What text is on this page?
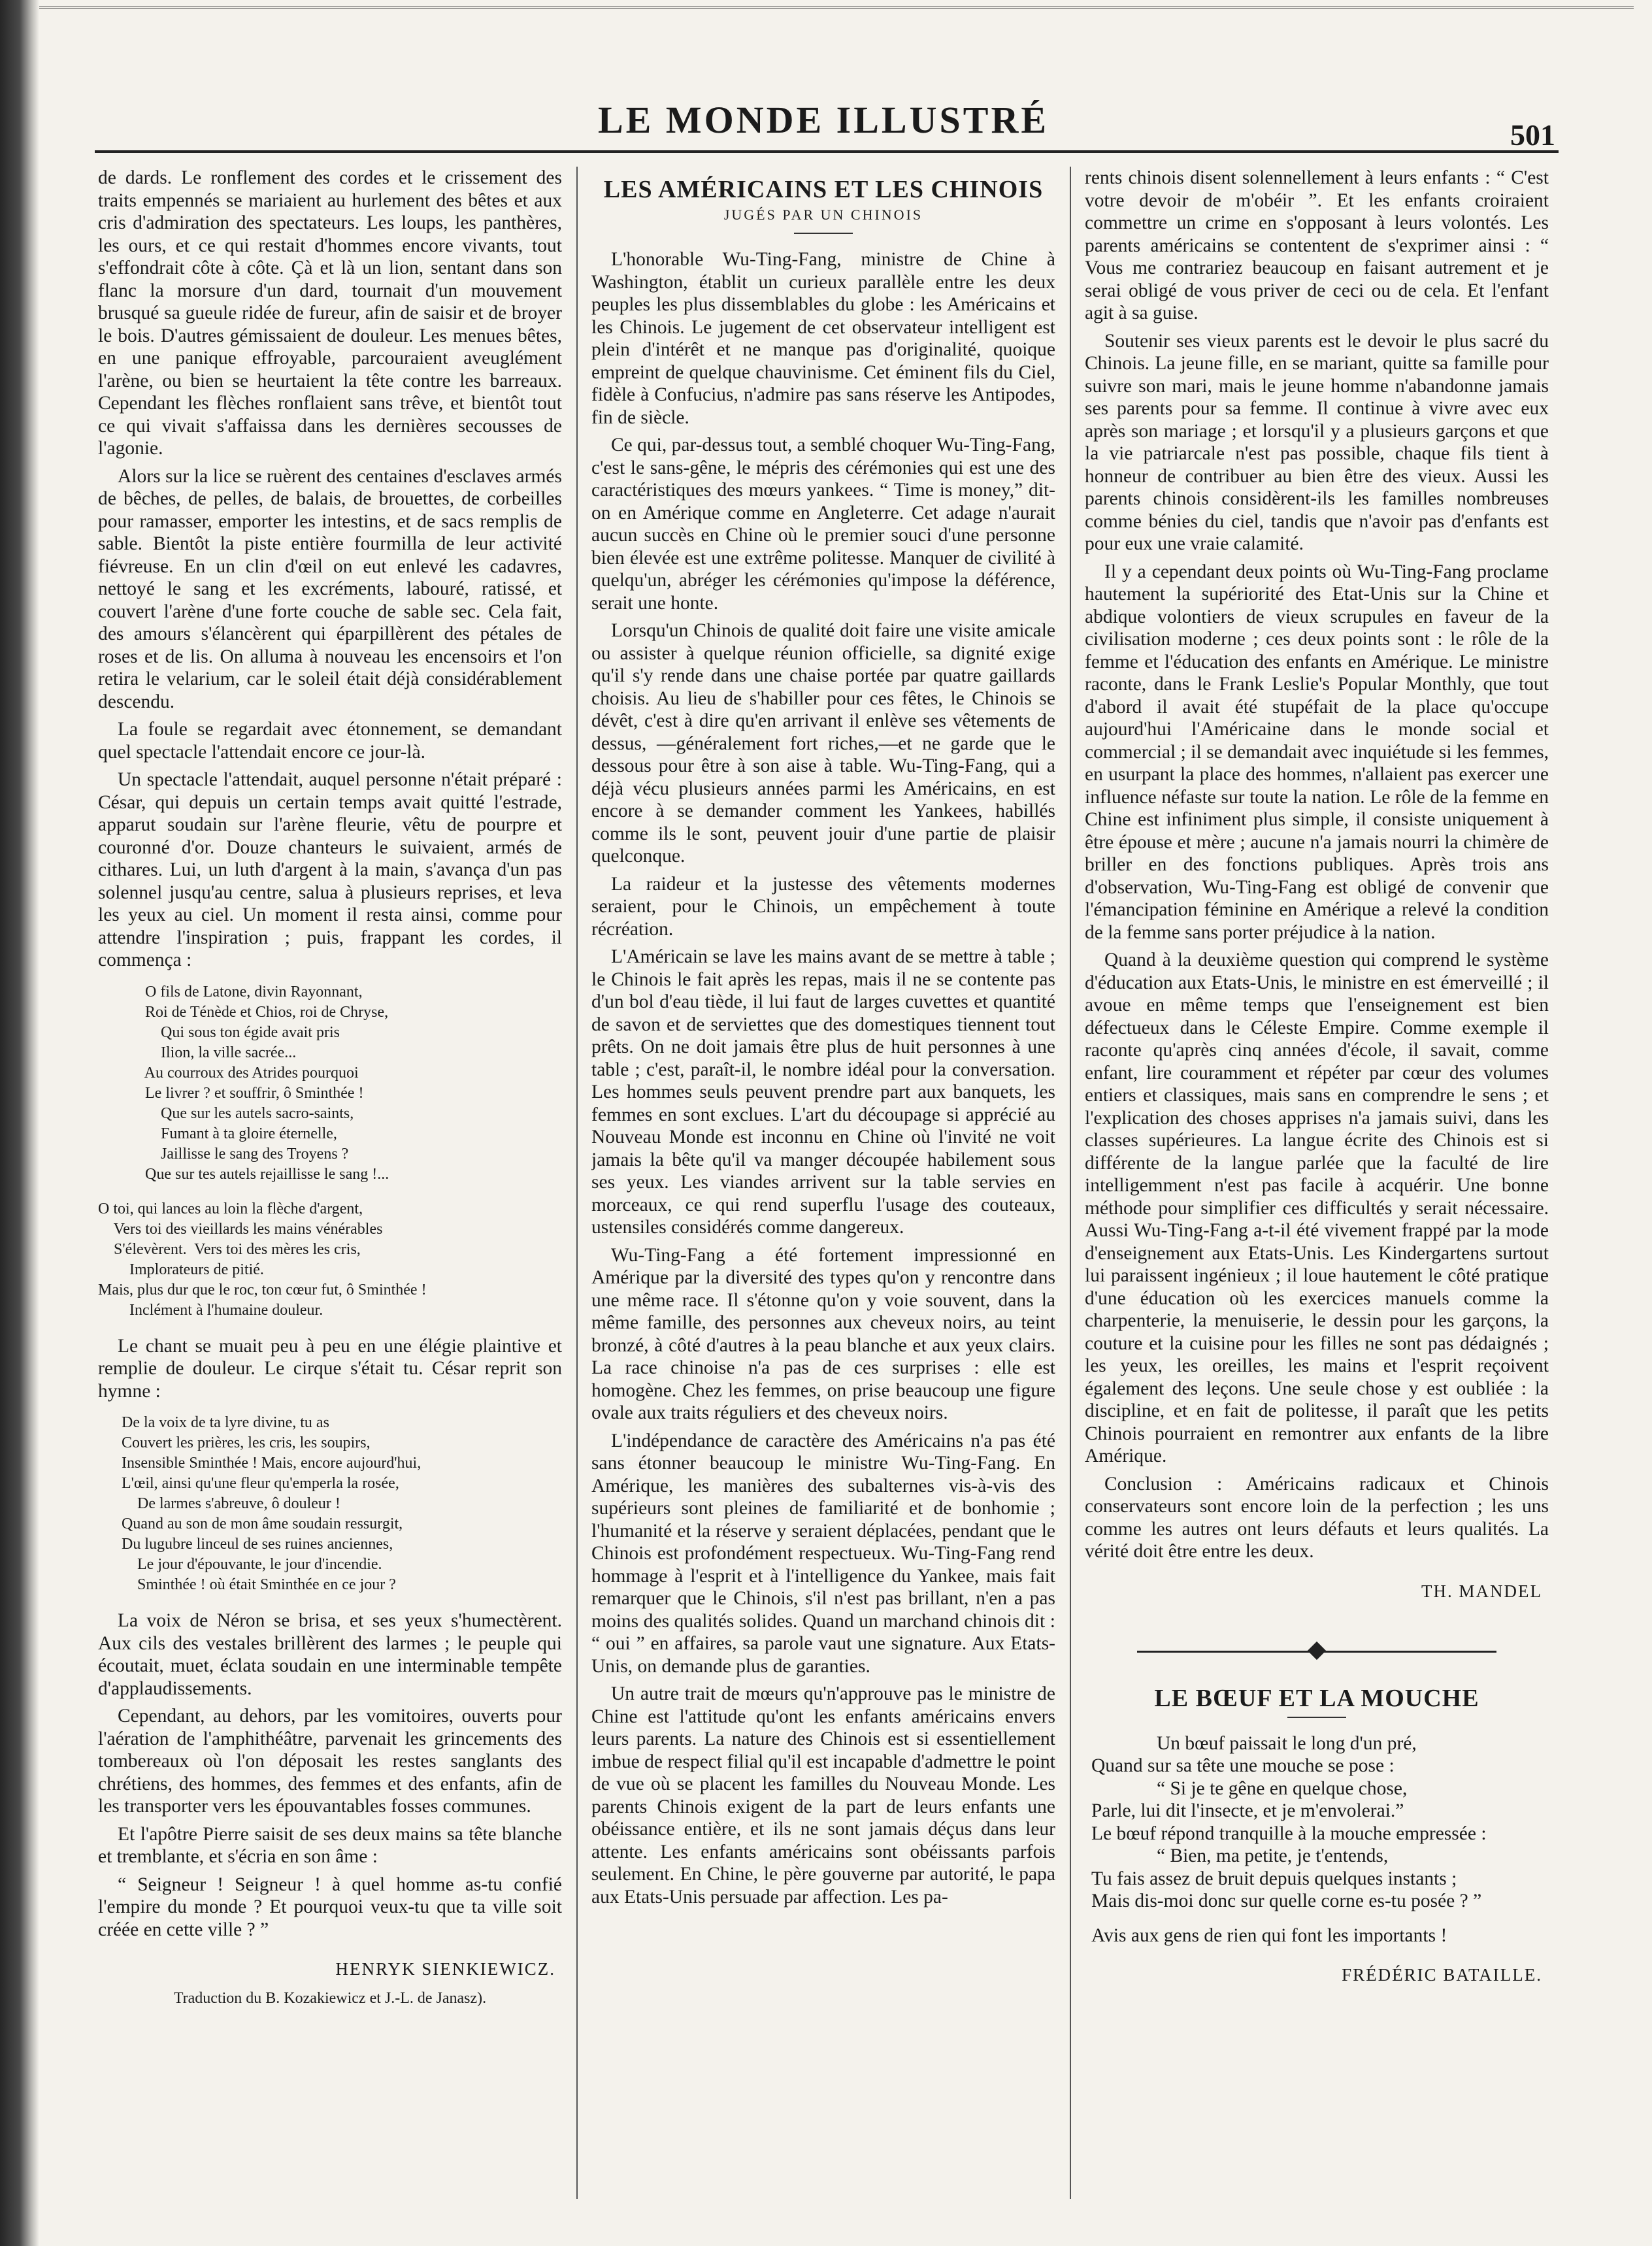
LE MONDE ILLUSTRÉ	501

de dards. Le ronflement des cordes et le crissement des traits empennés se mariaient au hurlement des bêtes et aux cris d'admiration des spectateurs. Les loups, les panthères, les ours, et ce qui restait d'hommes encore vivants, tout s'effondrait côte à côte. Çà et là un lion, sentant dans son flanc la morsure d'un dard, tournait d'un mouvement brusqué sa gueule ridée de fureur, afin de saisir et de broyer le bois. D'autres gémissaient de douleur. Les menues bêtes, en une panique effroyable, parcouraient aveuglément l'arène, ou bien se heurtaient la tête contre les barreaux. Cependant les flèches ronflaient sans trêve, et bientôt tout ce qui vivait s'affaissa dans les dernières secousses de l'agonie.

Alors sur la lice se ruèrent des centaines d'esclaves armés de bêches, de pelles, de balais, de brouettes, de corbeilles pour ramasser, emporter les intestins, et de sacs remplis de sable. Bientôt la piste entière fourmilla de leur activité fiévreuse. En un clin d'œil on eut enlevé les cadavres, nettoyé le sang et les excréments, labouré, ratissé, et couvert l'arène d'une forte couche de sable sec. Cela fait, des amours s'élancèrent qui éparpillèrent des pétales de roses et de lis. On alluma à nouveau les encensoirs et l'on retira le velarium, car le soleil était déjà considérablement descendu.

La foule se regardait avec étonnement, se demandant quel spectacle l'attendait encore ce jour-là.

Un spectacle l'attendait, auquel personne n'était préparé : César, qui depuis un certain temps avait quitté l'estrade, apparut soudain sur l'arène fleurie, vêtu de pourpre et couronné d'or. Douze chanteurs le suivaient, armés de cithares. Lui, un luth d'argent à la main, s'avança d'un pas solennel jusqu'au centre, salua à plusieurs reprises, et leva les yeux au ciel. Un moment il resta ainsi, comme pour attendre l'inspiration ; puis, frappant les cordes, il commença :

O fils de Latone, divin Rayonnant,
Roi de Ténède et Chios, roi de Chryse,
Qui sous ton égide avait pris
Ilion, la ville sacrée...
Au courroux des Atrides pourquoi
Le livrer ? et souffrir, ô Sminthée !
Que sur les autels sacro-saints,
Fumant à ta gloire éternelle,
Jaillisse le sang des Troyens ?
Que sur tes autels rejaillisse le sang !...
O toi, qui lances au loin la flèche d'argent,
Vers toi des vieillards les mains vénérables
S'élevèrent.  Vers toi des mères les cris,
Implorateurs de pitié.
Mais, plus dur que le roc, ton cœur fut, ô Sminthée !
Inclément à l'humaine douleur.

Le chant se muait peu à peu en une élégie plaintive et remplie de douleur. Le cirque s'était tu. César reprit son hymne :

De la voix de ta lyre divine, tu as
Couvert les prières, les cris, les soupirs,
Insensible Sminthée ! Mais, encore aujourd'hui,
L'œil, ainsi qu'une fleur qu'emperla la rosée,
De larmes s'abreuve, ô douleur !
Quand au son de mon âme soudain ressurgit,
Du lugubre linceul de ses ruines anciennes,
Le jour d'épouvante, le jour d'incendie.
Sminthée ! où était Sminthée en ce jour ?

La voix de Néron se brisa, et ses yeux s'humectèrent. Aux cils des vestales brillèrent des larmes ; le peuple qui écoutait, muet, éclata soudain en une interminable tempête d'applaudissements.

Cependant, au dehors, par les vomitoires, ouverts pour l'aération de l'amphithéâtre, parvenait les grincements des tombereaux où l'on déposait les restes sanglants des chrétiens, des hommes, des femmes et des enfants, afin de les transporter vers les épouvantables fosses communes.

Et l'apôtre Pierre saisit de ses deux mains sa tête blanche et tremblante, et s'écria en son âme :

“ Seigneur ! Seigneur ! à quel homme as-tu confié l'empire du monde ? Et pourquoi veux-tu que ta ville soit créée en cette ville ? ”

HENRYK SIENKIEWICZ.
Traduction du B. Kozakiewicz et J.-L. de Janasz).
LES AMÉRICAINS ET LES CHINOIS
JUGÉS PAR UN CHINOIS

L'honorable Wu-Ting-Fang, ministre de Chine à Washington, établit un curieux parallèle entre les deux peuples les plus dissemblables du globe : les Américains et les Chinois. Le jugement de cet observateur intelligent est plein d'intérêt et ne manque pas d'originalité, quoique empreint de quelque chauvinisme. Cet éminent fils du Ciel, fidèle à Confucius, n'admire pas sans réserve les Antipodes, fin de siècle.

Ce qui, par-dessus tout, a semblé choquer Wu-Ting-Fang, c'est le sans-gêne, le mépris des cérémonies qui est une des caractéristiques des mœurs yankees. “ Time is money,” dit-on en Amérique comme en Angleterre. Cet adage n'aurait aucun succès en Chine où le premier souci d'une personne bien élevée est une extrême politesse. Manquer de civilité à quelqu'un, abréger les cérémonies qu'impose la déférence, serait une honte.

Lorsqu'un Chinois de qualité doit faire une visite amicale ou assister à quelque réunion officielle, sa dignité exige qu'il s'y rende dans une chaise portée par quatre gaillards choisis. Au lieu de s'habiller pour ces fêtes, le Chinois se dévêt, c'est à dire qu'en arrivant il enlève ses vêtements de dessus, —généralement fort riches,—et ne garde que le dessous pour être à son aise à table. Wu-Ting-Fang, qui a déjà vécu plusieurs années parmi les Américains, en est encore à se demander comment les Yankees, habillés comme ils le sont, peuvent jouir d'une partie de plaisir quelconque.

La raideur et la justesse des vêtements modernes seraient, pour le Chinois, un empêchement à toute récréation.

L'Américain se lave les mains avant de se mettre à table ; le Chinois le fait après les repas, mais il ne se contente pas d'un bol d'eau tiède, il lui faut de larges cuvettes et quantité de savon et de serviettes que des domestiques tiennent tout prêts. On ne doit jamais être plus de huit personnes à une table ; c'est, paraît-il, le nombre idéal pour la conversation. Les hommes seuls peuvent prendre part aux banquets, les femmes en sont exclues. L'art du découpage si apprécié au Nouveau Monde est inconnu en Chine où l'invité ne voit jamais la bête qu'il va manger découpée habilement sous ses yeux. Les viandes arrivent sur la table servies en morceaux, ce qui rend superflu l'usage des couteaux, ustensiles considérés comme dangereux.

Wu-Ting-Fang a été fortement impressionné en Amérique par la diversité des types qu'on y rencontre dans une même race. Il s'étonne qu'on y voie souvent, dans la même famille, des personnes aux cheveux noirs, au teint bronzé, à côté d'autres à la peau blanche et aux yeux clairs. La race chinoise n'a pas de ces surprises : elle est homogène. Chez les femmes, on prise beaucoup une figure ovale aux traits réguliers et des cheveux noirs.

L'indépendance de caractère des Américains n'a pas été sans étonner beaucoup le ministre Wu-Ting-Fang. En Amérique, les manières des subalternes vis-à-vis des supérieurs sont pleines de familiarité et de bonhomie ; l'humanité et la réserve y seraient déplacées, pendant que le Chinois est profondément respectueux. Wu-Ting-Fang rend hommage à l'esprit et à l'intelligence du Yankee, mais fait remarquer que le Chinois, s'il n'est pas brillant, n'en a pas moins des qualités solides. Quand un marchand chinois dit : “ oui ” en affaires, sa parole vaut une signature. Aux Etats-Unis, on demande plus de garanties.

Un autre trait de mœurs qu'n'approuve pas le ministre de Chine est l'attitude qu'ont les enfants américains envers leurs parents. La nature des Chinois est si essentiellement imbue de respect filial qu'il est incapable d'admettre le point de vue où se placent les familles du Nouveau Monde. Les parents Chinois exigent de la part de leurs enfants une obéissance entière, et ils ne sont jamais déçus dans leur attente. Les enfants américains sont obéissants parfois seulement. En Chine, le père gouverne par autorité, le papa aux Etats-Unis persuade par affection. Les pa-

rents chinois disent solennellement à leurs enfants : “ C'est votre devoir de m'obéir ”. Et les enfants croiraient commettre un crime en s'opposant à leurs volontés. Les parents américains se contentent de s'exprimer ainsi : “ Vous me contrariez beaucoup en faisant autrement et je serai obligé de vous priver de ceci ou de cela. Et l'enfant agit à sa guise.

Soutenir ses vieux parents est le devoir le plus sacré du Chinois. La jeune fille, en se mariant, quitte sa famille pour suivre son mari, mais le jeune homme n'abandonne jamais ses parents pour sa femme. Il continue à vivre avec eux après son mariage ; et lorsqu'il y a plusieurs garçons et que la vie patriarcale n'est pas possible, chaque fils tient à honneur de contribuer au bien être des vieux. Aussi les parents chinois considèrent-ils les familles nombreuses comme bénies du ciel, tandis que n'avoir pas d'enfants est pour eux une vraie calamité.

Il y a cependant deux points où Wu-Ting-Fang proclame hautement la supériorité des Etat-Unis sur la Chine et abdique volontiers de vieux scrupules en faveur de la civilisation moderne ; ces deux points sont : le rôle de la femme et l'éducation des enfants en Amérique. Le ministre raconte, dans le Frank Leslie's Popular Monthly, que tout d'abord il avait été stupéfait de la place qu'occupe aujourd'hui l'Américaine dans le monde social et commercial ; il se demandait avec inquiétude si les femmes, en usurpant la place des hommes, n'allaient pas exercer une influence néfaste sur toute la nation. Le rôle de la femme en Chine est infiniment plus simple, il consiste uniquement à être épouse et mère ; aucune n'a jamais nourri la chimère de briller en des fonctions publiques. Après trois ans d'observation, Wu-Ting-Fang est obligé de convenir que l'émancipation féminine en Amérique a relevé la condition de la femme sans porter préjudice à la nation.

Quand à la deuxième question qui comprend le système d'éducation aux Etats-Unis, le ministre en est émerveillé ; il avoue en même temps que l'enseignement est bien défectueux dans le Céleste Empire. Comme exemple il raconte qu'après cinq années d'école, il savait, comme enfant, lire couramment et répéter par cœur des volumes entiers et classiques, mais sans en comprendre le sens ; et l'explication des choses apprises n'a jamais suivi, dans les classes supérieures. La langue écrite des Chinois est si différente de la langue parlée que la faculté de lire intelligemment n'est pas facile à acquérir. Une bonne méthode pour simplifier ces difficultés y serait nécessaire. Aussi Wu-Ting-Fang a-t-il été vivement frappé par la mode d'enseignement aux Etats-Unis. Les Kindergartens surtout lui paraissent ingénieux ; il loue hautement le côté pratique d'une éducation où les exercices manuels comme la charpenterie, la menuiserie, le dessin pour les garçons, la couture et la cuisine pour les filles ne sont pas dédaignés ; les yeux, les oreilles, les mains et l'esprit reçoivent également des leçons. Une seule chose y est oubliée : la discipline, et en fait de politesse, il paraît que les petits Chinois pourraient en remontrer aux enfants de la libre Amérique.

Conclusion : Américains radicaux et Chinois conservateurs sont encore loin de la perfection ; les uns comme les autres ont leurs défauts et leurs qualités. La vérité doit être entre les deux.

TH. MANDEL
LE BŒUF ET LA MOUCHE
Un bœuf paissait le long d'un pré,
Quand sur sa tête une mouche se pose :
“ Si je te gêne en quelque chose,
Parle, lui dit l'insecte, et je m'envolerai.”
Le bœuf répond tranquille à la mouche empressée :
“ Bien, ma petite, je t'entends,
Tu fais assez de bruit depuis quelques instants ;
Mais dis-moi donc sur quelle corne es-tu posée ? ”
Avis aux gens de rien qui font les importants !
FRÉDÉRIC BATAILLE.
